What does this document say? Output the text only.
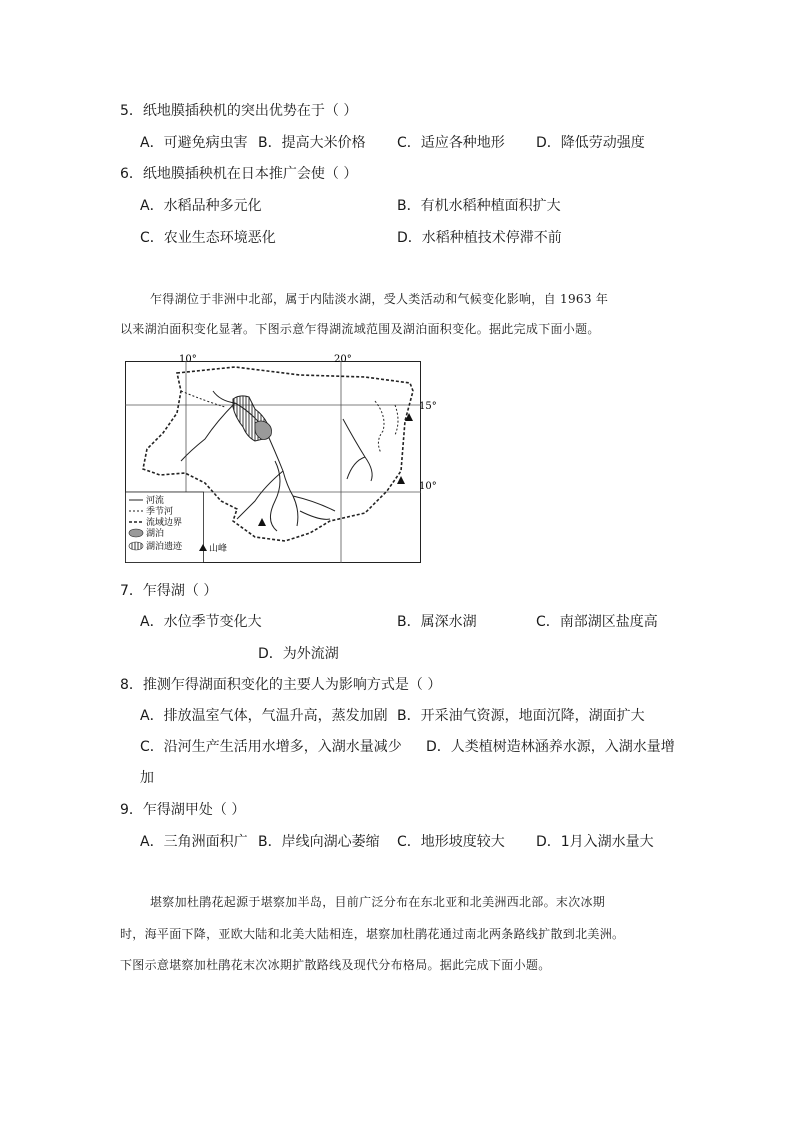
5．纸地膜插秧机的突出优势在于（ ）
A．可避免病虫害 B．提高大米价格 C．适应各种地形 D．降低劳动强度
6．纸地膜插秧机在日本推广会使（ ）
A．水稻品种多元化	B．有机水稻种植面积扩大
C．农业生态环境恶化	D．水稻种植技术停滞不前
乍得湖位于非洲中北部，属于内陆淡水湖，受人类活动和气候变化影响，自 1963 年
以来湖泊面积变化显著。下图示意乍得湖流域范围及湖泊面积变化。据此完成下面小题。
10°	20°
15°
10°
河流
季节河
流域边界
湖泊
湖泊遗迹	山峰
7．乍得湖（ ）
A．水位季节变化大	B．属深水湖	C．南部湖区盐度高
D．为外流湖
8．推测乍得湖面积变化的主要人为影响方式是（ ）
A．排放温室气体，气温升高，蒸发加剧 B．开采油气资源，地面沉降，湖面扩大
C．沿河生产生活用水增多，入湖水量减少 D．人类植树造林涵养水源，入湖水量增
加
9．乍得湖甲处（ ）
A．三角洲面积广 B．岸线向湖心萎缩 C．地形坡度较大 D．1月入湖水量大
堪察加杜鹃花起源于堪察加半岛，目前广泛分布在东北亚和北美洲西北部。末次冰期
时，海平面下降，亚欧大陆和北美大陆相连，堪察加杜鹃花通过南北两条路线扩散到北美洲。
下图示意堪察加杜鹃花末次冰期扩散路线及现代分布格局。据此完成下面小题。
